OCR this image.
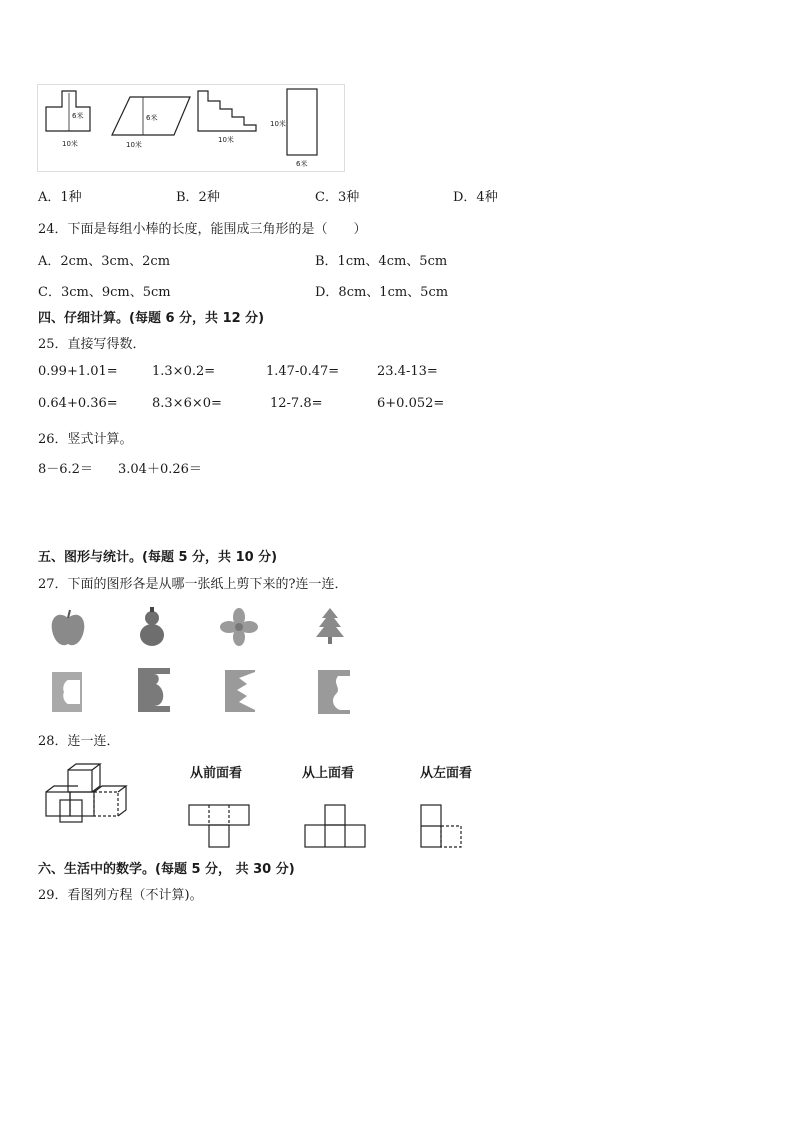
6米
10米
6米
10米
10米
10米
6米
A．1种	B．2种	C．3种	D．4种
24．下面是每组小棒的长度，能围成三角形的是（　　）
A．2cm、3cm、2cm	B．1cm、4cm、5cm
C．3cm、9cm、5cm	D．8cm、1cm、5cm
四、仔细计算。(每题 6 分，共 12 分)
25．直接写得数．
0.99+1.01=	1.3×0.2=	1.47-0.47=	23.4-13=
0.64+0.36=	8.3×6×0=	12-7.8=	6+0.052=
26．竖式计算。
8－6.2＝ 3.04＋0.26＝
五、图形与统计。(每题 5 分，共 10 分)
27．下面的图形各是从哪一张纸上剪下来的?连一连．
28．连一连．
从前面看	从上面看	从左面看
六、生活中的数学。(每题 5 分， 共 30 分)
29．看图列方程（不计算)。
